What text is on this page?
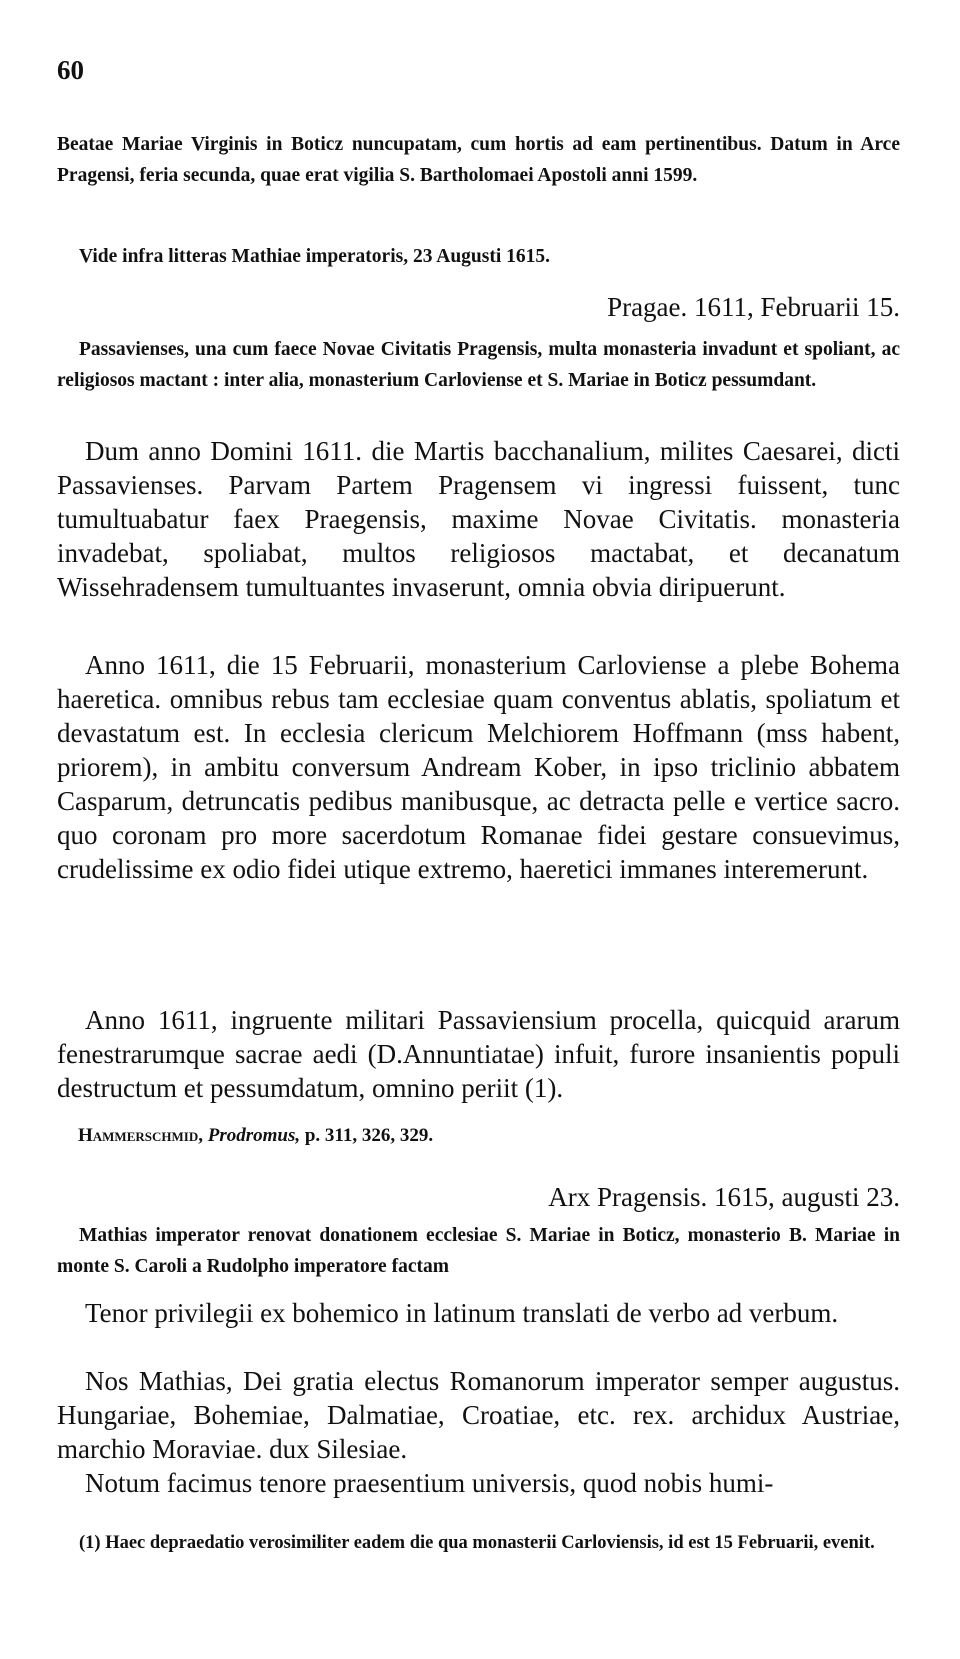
60
Beatae Mariae Virginis in Boticz nuncupatam, cum hortis ad eam pertinentibus. Datum in Arce Pragensi, feria secunda, quae erat vigilia S. Bartholomaei Apostoli anni 1599.
Vide infra litteras Mathiae imperatoris, 23 Augusti 1615.
Pragae. 1611, Februarii 15.
Passavienses, una cum faece Novae Civitatis Pragensis, multa monasteria invadunt et spoliant, ac religiosos mactant : inter alia, monasterium Carloviense et S. Mariae in Boticz pessumdant.
Dum anno Domini 1611. die Martis bacchanalium, milites Caesarei, dicti Passavienses. Parvam Partem Pragensem vi ingressi fuissent, tunc tumultuabatur faex Praegensis, maxime Novae Civitatis. monasteria invadebat, spoliabat, multos religiosos mactabat, et decanatum Wissehradensem tumultuantes invaserunt, omnia obvia diripuerunt.
Anno 1611, die 15 Februarii, monasterium Carloviense a plebe Bohema haeretica. omnibus rebus tam ecclesiae quam conventus ablatis, spoliatum et devastatum est. In ecclesia clericum Melchiorem Hoffmann (mss habent, priorem), in ambitu conversum Andream Kober, in ipso triclinio abbatem Casparum, detruncatis pedibus manibusque, ac detracta pelle e vertice sacro. quo coronam pro more sacerdotum Romanae fidei gestare consuevimus, crudelissime ex odio fidei utique extremo, haeretici immanes interemerunt.
Anno 1611, ingruente militari Passaviensium procella, quicquid ararum fenestrarumque sacrae aedi (D.Annuntiatae) infuit, furore insanientis populi destructum et pessumdatum, omnino periit (1).
Hammerschmid, Prodromus, p. 311, 326, 329.
Arx Pragensis. 1615, augusti 23.
Mathias imperator renovat donationem ecclesiae S. Mariae in Boticz, monasterio B. Mariae in monte S. Caroli a Rudolpho imperatore factam
Tenor privilegii ex bohemico in latinum translati de verbo ad verbum.
Nos Mathias, Dei gratia electus Romanorum imperator semper augustus. Hungariae, Bohemiae, Dalmatiae, Croatiae, etc. rex. archidux Austriae, marchio Moraviae. dux Silesiae.
Notum facimus tenore praesentium universis, quod nobis humi-
(1) Haec depraedatio verosimiliter eadem die qua monasterii Carloviensis, id est 15 Februarii, evenit.
